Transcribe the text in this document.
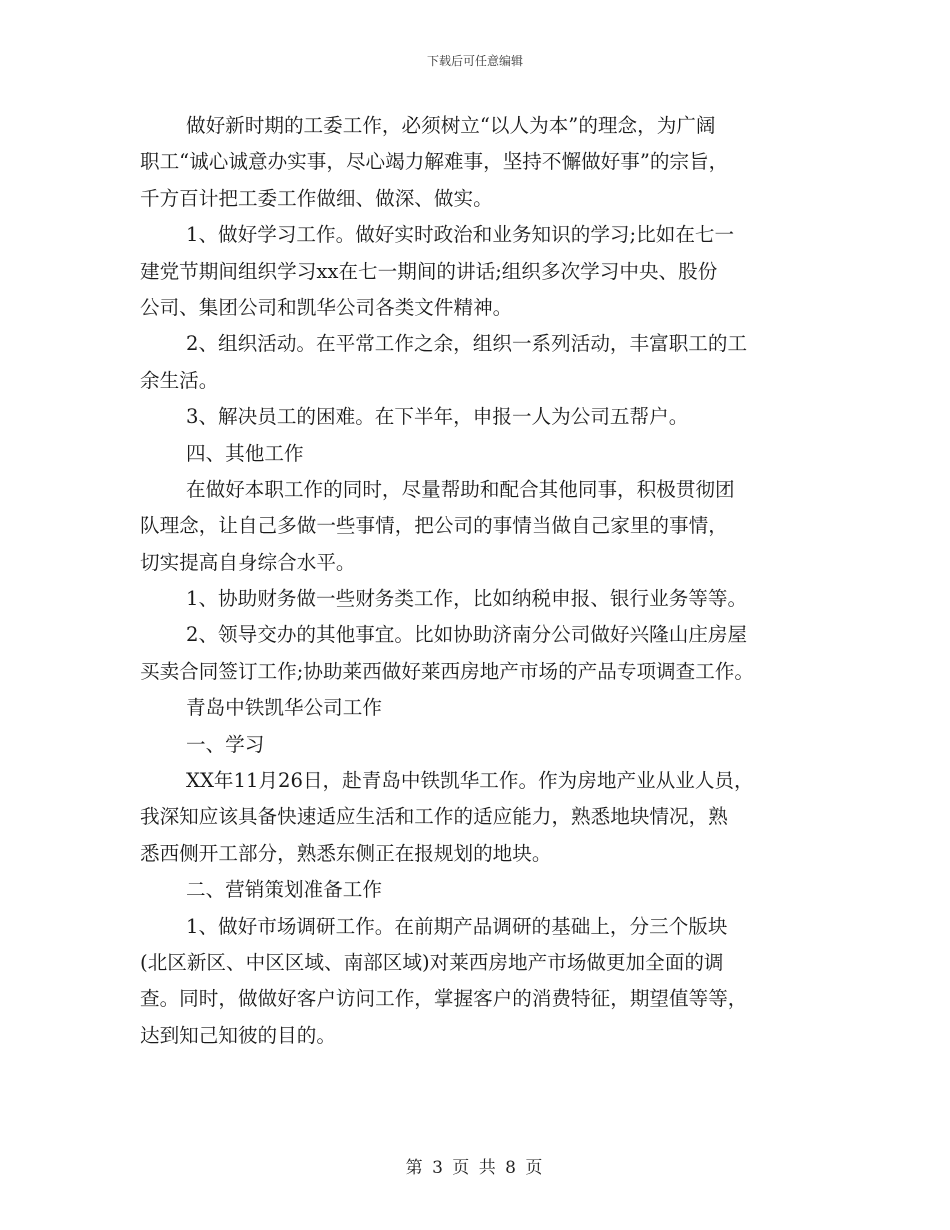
下载后可任意编辑
做好新时期的工委工作，必须树立“以人为本”的理念，为广阔
职工“诚心诚意办实事，尽心竭力解难事，坚持不懈做好事”的宗旨，
千方百计把工委工作做细、做深、做实。
1、做好学习工作。做好实时政治和业务知识的学习;比如在七一
建党节期间组织学习xx在七一期间的讲话;组织多次学习中央、股份
公司、集团公司和凯华公司各类文件精神。
2、组织活动。在平常工作之余，组织一系列活动，丰富职工的工
余生活。
3、解决员工的困难。在下半年，申报一人为公司五帮户。
四、其他工作
在做好本职工作的同时，尽量帮助和配合其他同事，积极贯彻团
队理念，让自己多做一些事情，把公司的事情当做自己家里的事情，
切实提高自身综合水平。
1、协助财务做一些财务类工作，比如纳税申报、银行业务等等。
2、领导交办的其他事宜。比如协助济南分公司做好兴隆山庄房屋
买卖合同签订工作;协助莱西做好莱西房地产市场的产品专项调查工作。
青岛中铁凯华公司工作
一、学习
XX年11月26日，赴青岛中铁凯华工作。作为房地产业从业人员，
我深知应该具备快速适应生活和工作的适应能力，熟悉地块情况，熟
悉西侧开工部分，熟悉东侧正在报规划的地块。
二、营销策划准备工作
1、做好市场调研工作。在前期产品调研的基础上，分三个版块
(北区新区、中区区域、南部区域)对莱西房地产市场做更加全面的调
查。同时，做做好客户访问工作，掌握客户的消费特征，期望值等等，
达到知己知彼的目的。
第 3 页 共 8 页
